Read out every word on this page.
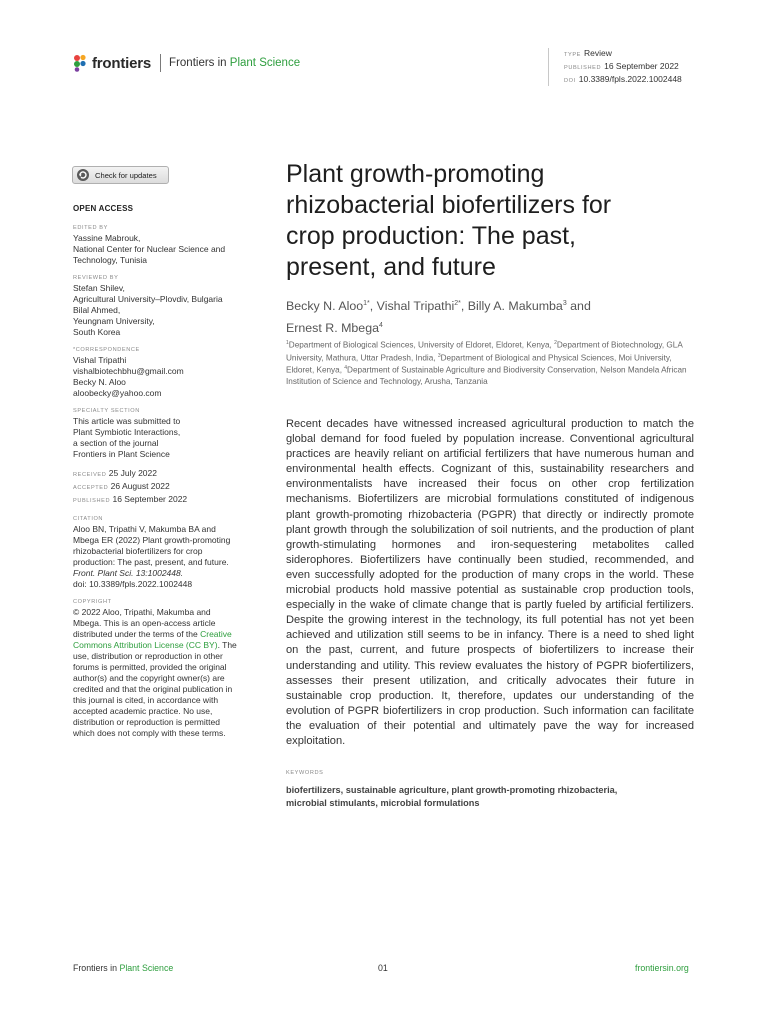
frontiers Frontiers in Plant Science
TYPE Review
PUBLISHED 16 September 2022
DOI 10.3389/fpls.2022.1002448
Check for updates
OPEN ACCESS
EDITED BY
Yassine Mabrouk,
National Center for Nuclear Science and
Technology, Tunisia
REVIEWED BY
Stefan Shilev,
Agricultural University–Plovdiv, Bulgaria
Bilal Ahmed,
Yeungnam University,
South Korea
*CORRESPONDENCE
Vishal Tripathi
vishalbiotechbhu@gmail.com
Becky N. Aloo
aloobecky@yahoo.com
SPECIALTY SECTION
This article was submitted to
Plant Symbiotic Interactions,
a section of the journal
Frontiers in Plant Science
RECEIVED 25 July 2022
ACCEPTED 26 August 2022
PUBLISHED 16 September 2022
CITATION
Aloo BN, Tripathi V, Makumba BA and
Mbega ER (2022) Plant growth-promoting
rhizobacterial biofertilizers for crop
production: The past, present, and future.
Front. Plant Sci. 13:1002448.
doi: 10.3389/fpls.2022.1002448
COPYRIGHT
© 2022 Aloo, Tripathi, Makumba and
Mbega. This is an open-access article
distributed under the terms of the Creative
Commons Attribution License (CC BY). The
use, distribution or reproduction in other
forums is permitted, provided the original
author(s) and the copyright owner(s) are
credited and that the original publication in
this journal is cited, in accordance with
accepted academic practice. No use,
distribution or reproduction is permitted
which does not comply with these terms.
Plant growth-promoting
rhizobacterial biofertilizers for
crop production: The past,
present, and future
Becky N. Aloo$^{1*}$, Vishal Tripathi$^{2*}$, Billy A. Makumba$^3$ and
Ernest R. Mbega$^4$
$^1$Department of Biological Sciences, University of Eldoret, Eldoret, Kenya, $^2$Department of Biotechnology, GLA University, Mathura, Uttar Pradesh, India, $^3$Department of Biological and Physical Sciences, Moi University, Eldoret, Kenya, $^4$Department of Sustainable Agriculture and Biodiversity Conservation, Nelson Mandela African Institution of Science and Technology, Arusha, Tanzania

Recent decades have witnessed increased agricultural production to match the global demand for food fueled by population increase. Conventional agricultural practices are heavily reliant on artificial fertilizers that have numerous human and environmental health effects. Cognizant of this, sustainability researchers and environmentalists have increased their focus on other crop fertilization mechanisms. Biofertilizers are microbial formulations constituted of indigenous plant growth-promoting rhizobacteria (PGPR) that directly or indirectly promote plant growth through the solubilization of soil nutrients, and the production of plant growth-stimulating hormones and iron-sequestering metabolites called siderophores. Biofertilizers have continually been studied, recommended, and even successfully adopted for the production of many crops in the world. These microbial products hold massive potential as sustainable crop production tools, especially in the wake of climate change that is partly fueled by artificial fertilizers. Despite the growing interest in the technology, its full potential has not yet been achieved and utilization still seems to be in infancy. There is a need to shed light on the past, current, and future prospects of biofertilizers to increase their understanding and utility. This review evaluates the history of PGPR biofertilizers, assesses their present utilization, and critically advocates their future in sustainable crop production. It, therefore, updates our understanding of the evolution of PGPR biofertilizers in crop production. Such information can facilitate the evaluation of their potential and ultimately pave the way for increased exploitation.

KEYWORDS
biofertilizers, sustainable agriculture, plant growth-promoting rhizobacteria,
microbial stimulants, microbial formulations
Frontiers in Plant Science	01	frontiersin.org
